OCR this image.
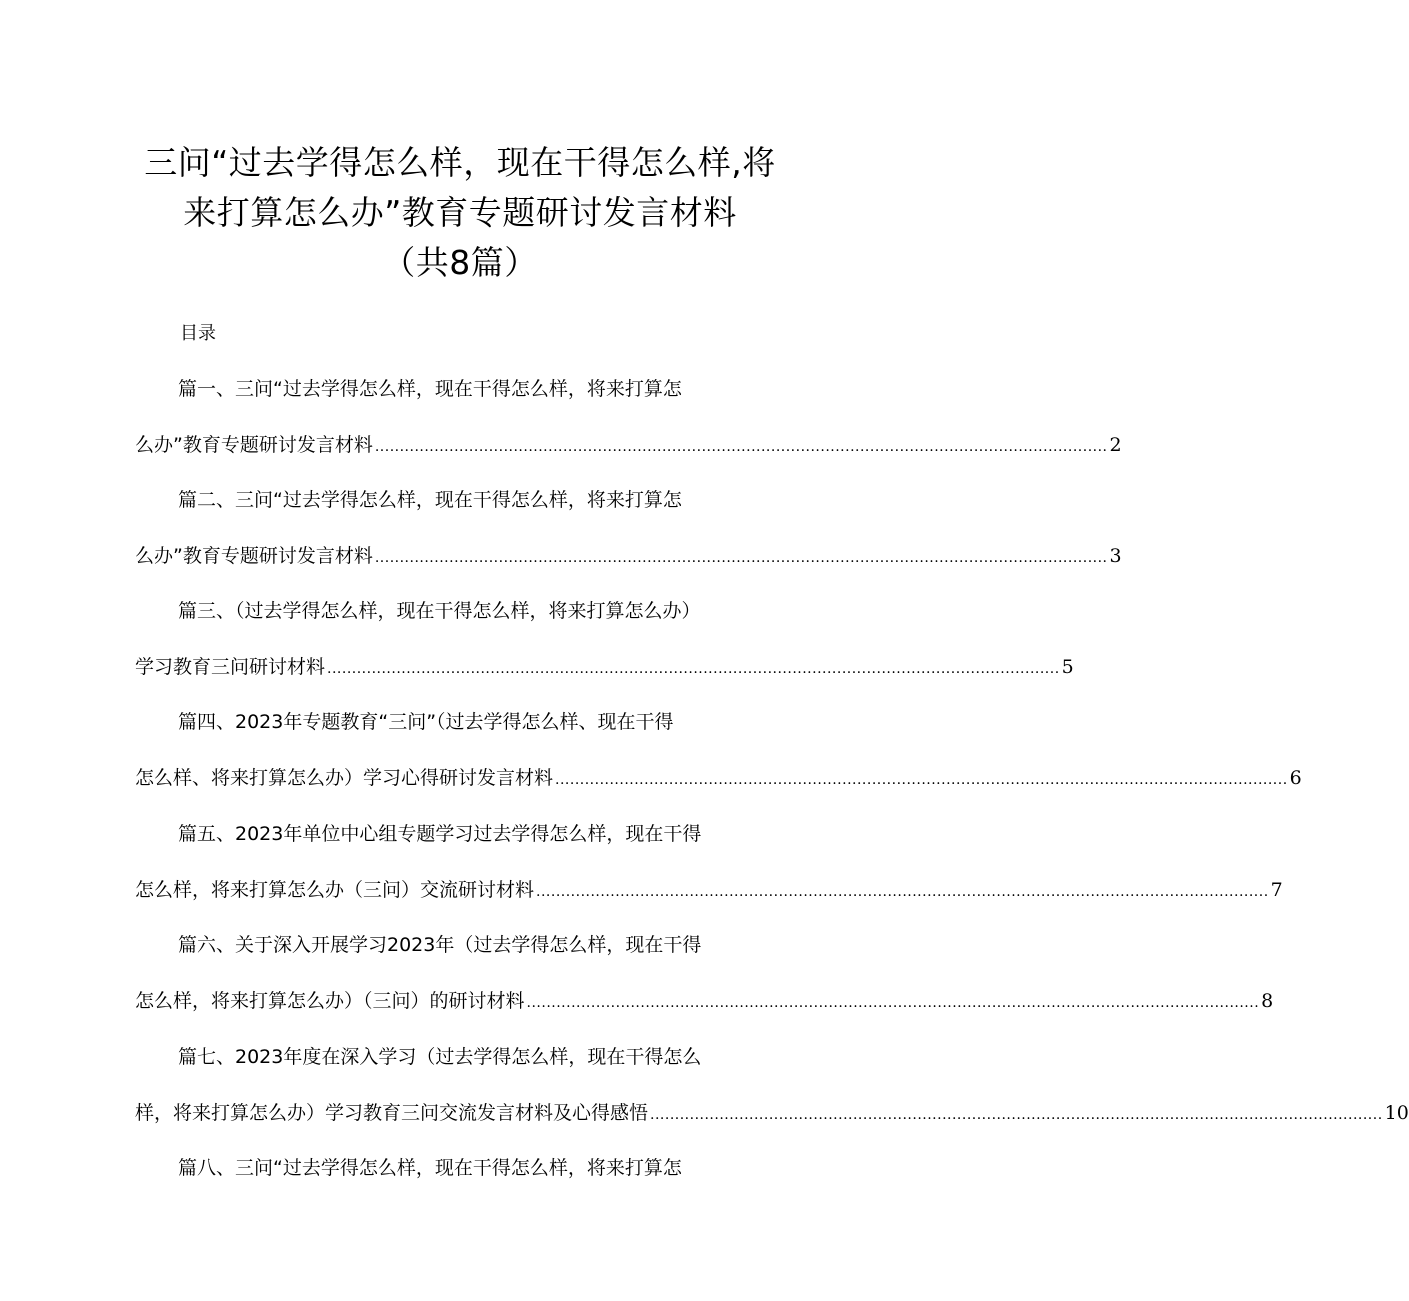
三问“过去学得怎么样，现在干得怎么样,将
来打算怎么办”教育专题研讨发言材料
（共8篇）
目录
篇一、三问“过去学得怎么样，现在干得怎么样，将来打算怎
么办”教育专题研讨发言材料 .................................................................................................................................................... 2
篇二、三问“过去学得怎么样，现在干得怎么样，将来打算怎
么办”教育专题研讨发言材料 .................................................................................................................................................... 3
篇三、（过去学得怎么样，现在干得怎么样，将来打算怎么办）
学习教育三问研讨材料 .................................................................................................................................................... 5
篇四、2023年专题教育“三问”（过去学得怎么样、现在干得
怎么样、将来打算怎么办）学习心得研讨发言材料 .................................................................................................................................................... 6
篇五、2023年单位中心组专题学习过去学得怎么样，现在干得
怎么样，将来打算怎么办（三问）交流研讨材料 .................................................................................................................................................... 7
篇六、关于深入开展学习2023年（过去学得怎么样，现在干得
怎么样，将来打算怎么办）（三问）的研讨材料 .................................................................................................................................................... 8
篇七、2023年度在深入学习（过去学得怎么样，现在干得怎么
样，将来打算怎么办）学习教育三问交流发言材料及心得感悟 .................................................................................................................................................... 10
篇八、三问“过去学得怎么样，现在干得怎么样，将来打算怎
